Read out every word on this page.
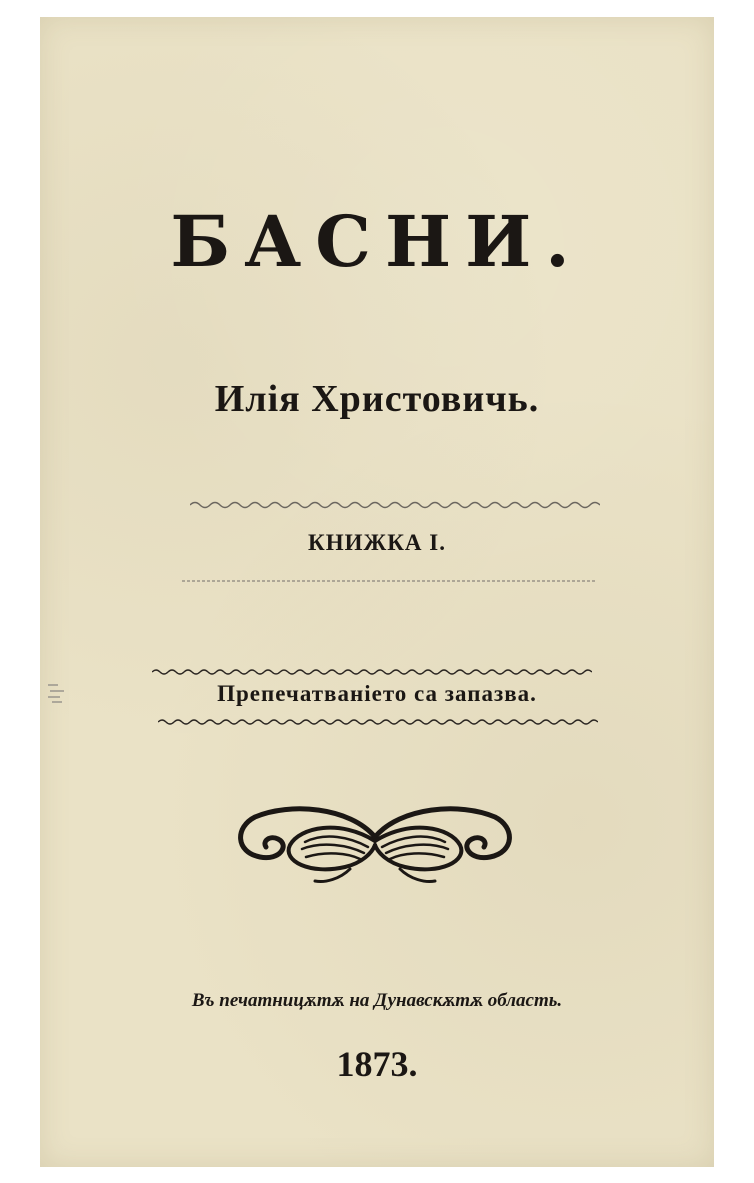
БАСНИ.
Илія Христовичь.
КНИЖКА I.
Препечатваніето са запазва.
Въ печатницѫтѫ на Дунавскѫтѫ область.
1873.
